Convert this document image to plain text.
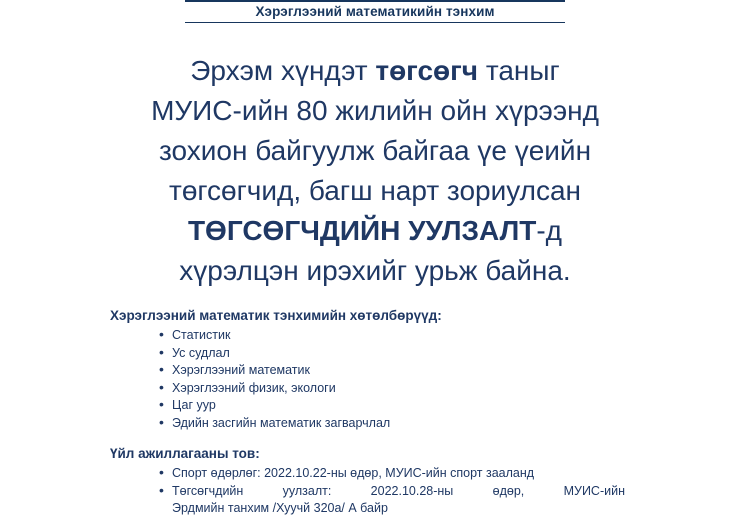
Хэрэглээний математикийн тэнхим
Эрхэм хүндэт төгсөгч таныг
МУИС-ийн 80 жилийн ойн хүрээнд
зохион байгуулж байгаа үе үеийн
төгсөгчид, багш нарт зориулсан
ТӨГСӨГЧДИЙН УУЛЗАЛТ-д
хүрэлцэн ирэхийг урьж байна.
Хэрэглээний математик тэнхимийн хөтөлбөрүүд:
• Статистик
• Ус судлал
• Хэрэглээний математик
• Хэрэглээний физик, экологи
• Цаг уур
• Эдийн засгийн математик загварчлал
Үйл ажиллагааны тов:
• Спорт өдөрлөг: 2022.10.22-ны өдөр, МУИС-ийн спорт зааланд
• Төгсөгчдийн уулзалт: 2022.10.28-ны өдөр, МУИС-ийн
Эрдмийн танхим /Хуучй 320а/ А байр
